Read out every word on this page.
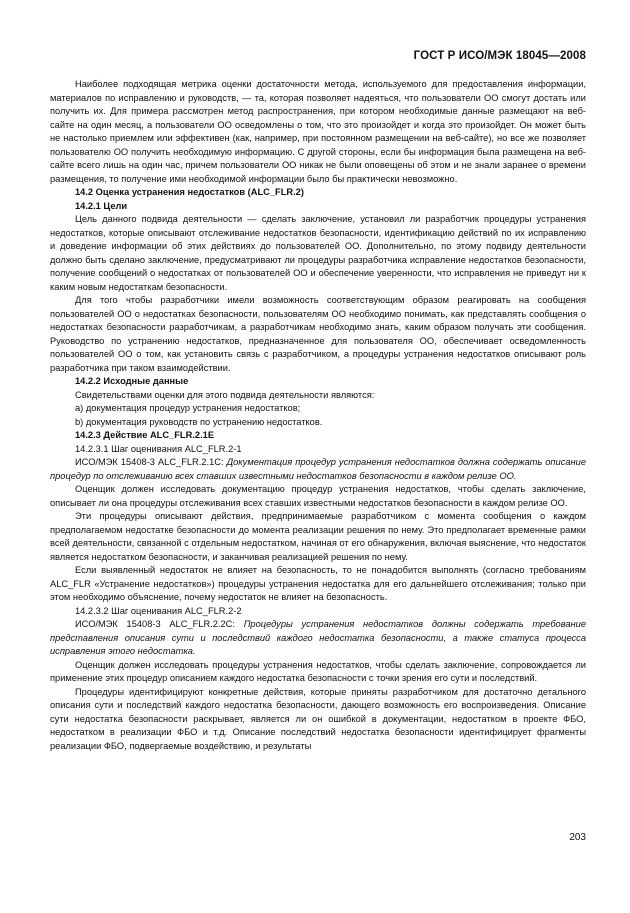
ГОСТ Р ИСО/МЭК 18045—2008

Наиболее подходящая метрика оценки достаточности метода, используемого для предоставления информации, материалов по исправлению и руководств, — та, которая позволяет надеяться, что пользователи ОО смогут достать или получить их. Для примера рассмотрен метод распространения, при котором необходимые данные размещают на веб-сайте на один месяц, а пользователи ОО осведомлены о том, что это произойдет и когда это произойдет. Он может быть не настолько приемлем или эффективен (как, например, при постоянном размещении на веб-сайте), но все же позволяет пользователю ОО получить необходимую информацию. С другой стороны, если бы информация была размещена на веб-сайте всего лишь на один час, причем пользователи ОО никак не были оповещены об этом и не знали заранее о времени размещения, то получение ими необходимой информации было бы практически невозможно.

14.2 Оценка устранения недостатков (ALC_FLR.2)

14.2.1 Цели

Цель данного подвида деятельности — сделать заключение, установил ли разработчик процедуры устранения недостатков, которые описывают отслеживание недостатков безопасности, идентификацию действий по их исправлению и доведение информации об этих действиях до пользователей ОО. Дополнительно, по этому подвиду деятельности должно быть сделано заключение, предусматривают ли процедуры разработчика исправление недостатков безопасности, получение сообщений о недостатках от пользователей ОО и обеспечение уверенности, что исправления не приведут ни к каким новым недостаткам безопасности.

Для того чтобы разработчики имели возможность соответствующим образом реагировать на сообщения пользователей ОО о недостатках безопасности, пользователям ОО необходимо понимать, как представлять сообщения о недостатках безопасности разработчикам, а разработчикам необходимо знать, каким образом получать эти сообщения. Руководство по устранению недостатков, предназначенное для пользователя ОО, обеспечивает осведомленность пользователей ОО о том, как установить связь с разработчиком, а процедуры устранения недостатков описывают роль разработчика при таком взаимодействии.

14.2.2 Исходные данные

Свидетельствами оценки для этого подвида деятельности являются:

a) документация процедур устранения недостатков;

b) документация руководств по устранению недостатков.

14.2.3 Действие ALC_FLR.2.1E

14.2.3.1 Шаг оценивания ALC_FLR.2-1

ИСО/МЭК 15408-3 ALC_FLR.2.1С: Документация процедур устранения недостатков должна содержать описание процедур по отслеживанию всех ставших известными недостатков безопасности в каждом релизе ОО.

Оценщик должен исследовать документацию процедур устранения недостатков, чтобы сделать заключение, описывает ли она процедуры отслеживания всех ставших известными недостатков безопасности в каждом релизе ОО.

Эти процедуры описывают действия, предпринимаемые разработчиком с момента сообщения о каждом предполагаемом недостатке безопасности до момента реализации решения по нему. Это предполагает временные рамки всей деятельности, связанной с отдельным недостатком, начиная от его обнаружения, включая выяснение, что недостаток является недостатком безопасности, и заканчивая реализацией решения по нему.

Если выявленный недостаток не влияет на безопасность, то не понадобится выполнять (согласно требованиям ALC_FLR «Устранение недостатков») процедуры устранения недостатка для его дальнейшего отслеживания; только при этом необходимо объяснение, почему недостаток не влияет на безопасность.

14.2.3.2 Шаг оценивания ALC_FLR.2-2

ИСО/МЭК 15408-3 ALC_FLR.2.2С: Процедуры устранения недостатков должны содержать требование представления описания сути и последствий каждого недостатка безопасности, а также статуса процесса исправления этого недостатка.

Оценщик должен исследовать процедуры устранения недостатков, чтобы сделать заключение, сопровождается ли применение этих процедур описанием каждого недостатка безопасности с точки зрения его сути и последствий.

Процедуры идентифицируют конкретные действия, которые приняты разработчиком для достаточно детального описания сути и последствий каждого недостатка безопасности, дающего возможность его воспроизведения. Описание сути недостатка безопасности раскрывает, является ли он ошибкой в документации, недостатком в проекте ФБО, недостатком в реализации ФБО и т.д. Описание последствий недостатка безопасности идентифицирует фрагменты реализации ФБО, подвергаемые воздействию, и результаты

203
